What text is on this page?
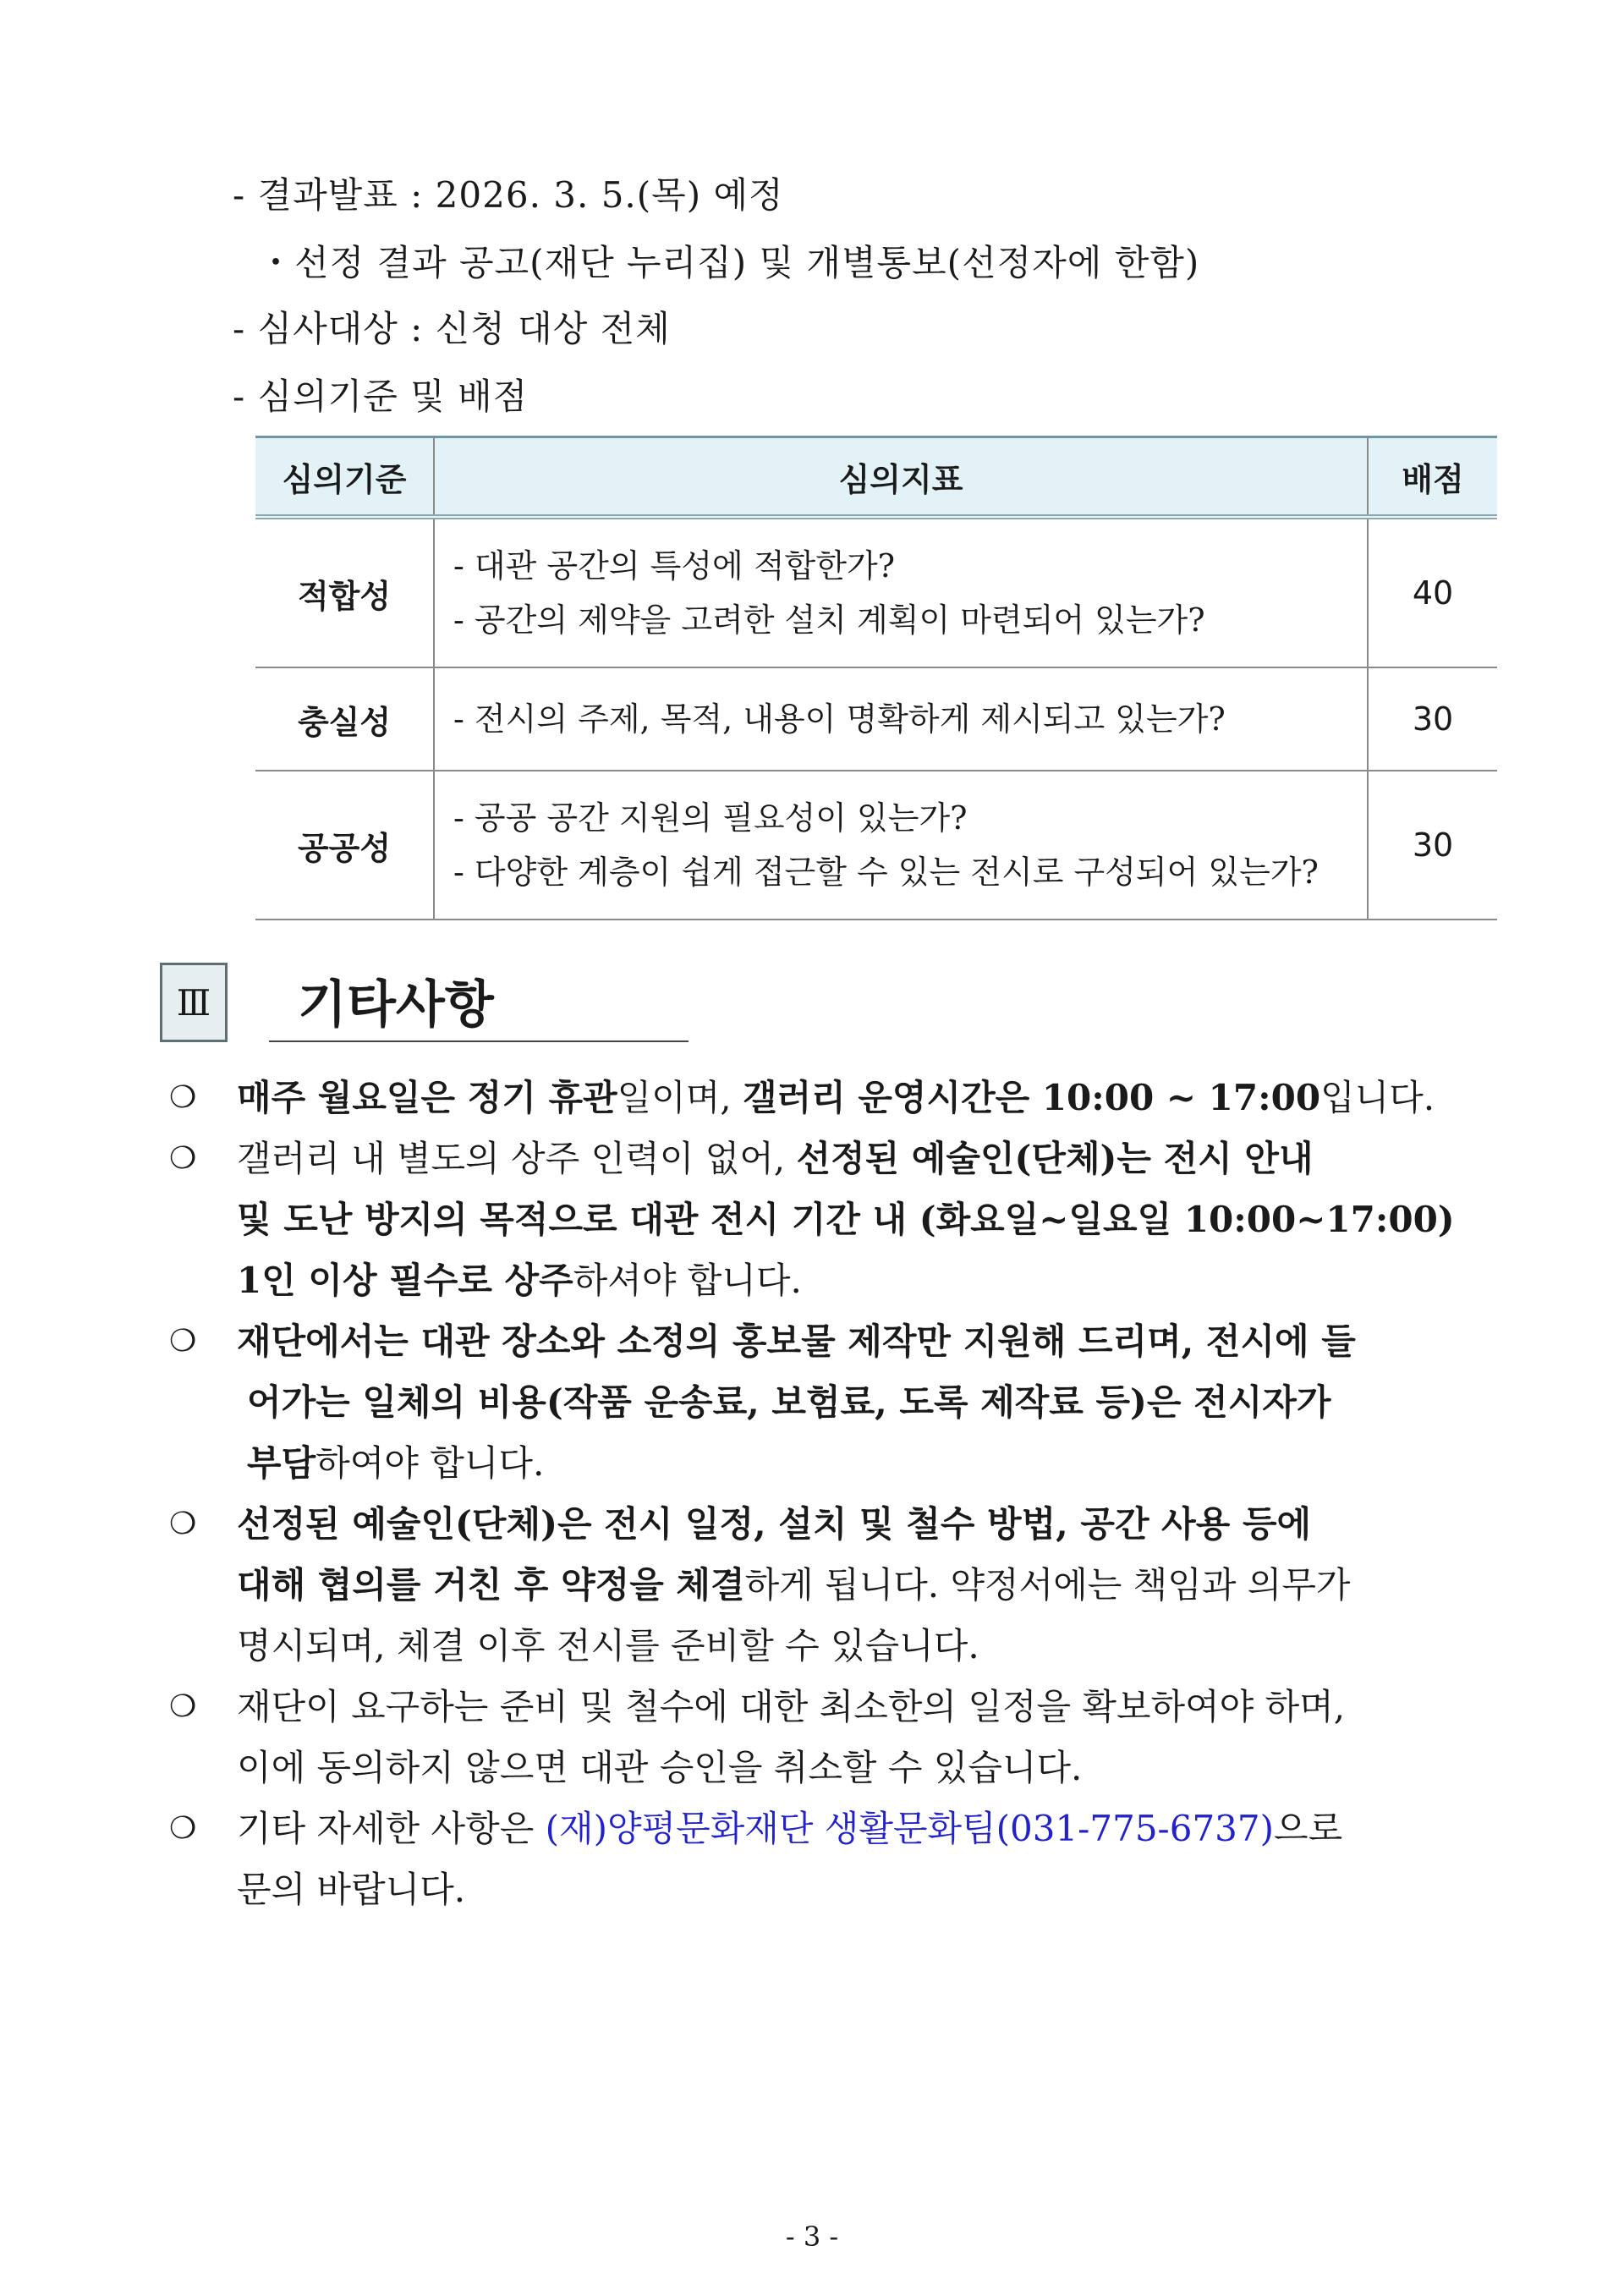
- 결과발표 : 2026. 3. 5.(목) 예정
・선정 결과 공고(재단 누리집) 및 개별통보(선정자에 한함)
- 심사대상 : 신청 대상 전체
- 심의기준 및 배점
심의기준	심의지표	배점
적합성	- 대관 공간의 특성에 적합한가?
- 공간의 제약을 고려한 설치 계획이 마련되어 있는가?	40
충실성	- 전시의 주제, 목적, 내용이 명확하게 제시되고 있는가?	30
공공성	- 공공 공간 지원의 필요성이 있는가?
- 다양한 계층이 쉽게 접근할 수 있는 전시로 구성되어 있는가?	30
Ⅲ	기타사항
❍	매주 월요일은 정기 휴관일이며, 갤러리 운영시간은 10:00 ~ 17:00입니다.
❍	갤러리 내 별도의 상주 인력이 없어, 선정된 예술인(단체)는 전시 안내
및 도난 방지의 목적으로 대관 전시 기간 내 (화요일~일요일 10:00~17:00)
1인 이상 필수로 상주하셔야 합니다.
❍	재단에서는 대관 장소와 소정의 홍보물 제작만 지원해 드리며, 전시에 들
어가는 일체의 비용(작품 운송료, 보험료, 도록 제작료 등)은 전시자가
부담하여야 합니다.
❍	선정된 예술인(단체)은 전시 일정, 설치 및 철수 방법, 공간 사용 등에
대해 협의를 거친 후 약정을 체결하게 됩니다. 약정서에는 책임과 의무가
명시되며, 체결 이후 전시를 준비할 수 있습니다.
❍	재단이 요구하는 준비 및 철수에 대한 최소한의 일정을 확보하여야 하며,
이에 동의하지 않으면 대관 승인을 취소할 수 있습니다.
❍	기타 자세한 사항은 (재)양평문화재단 생활문화팀(031-775-6737)으로
문의 바랍니다.
- 3 -
